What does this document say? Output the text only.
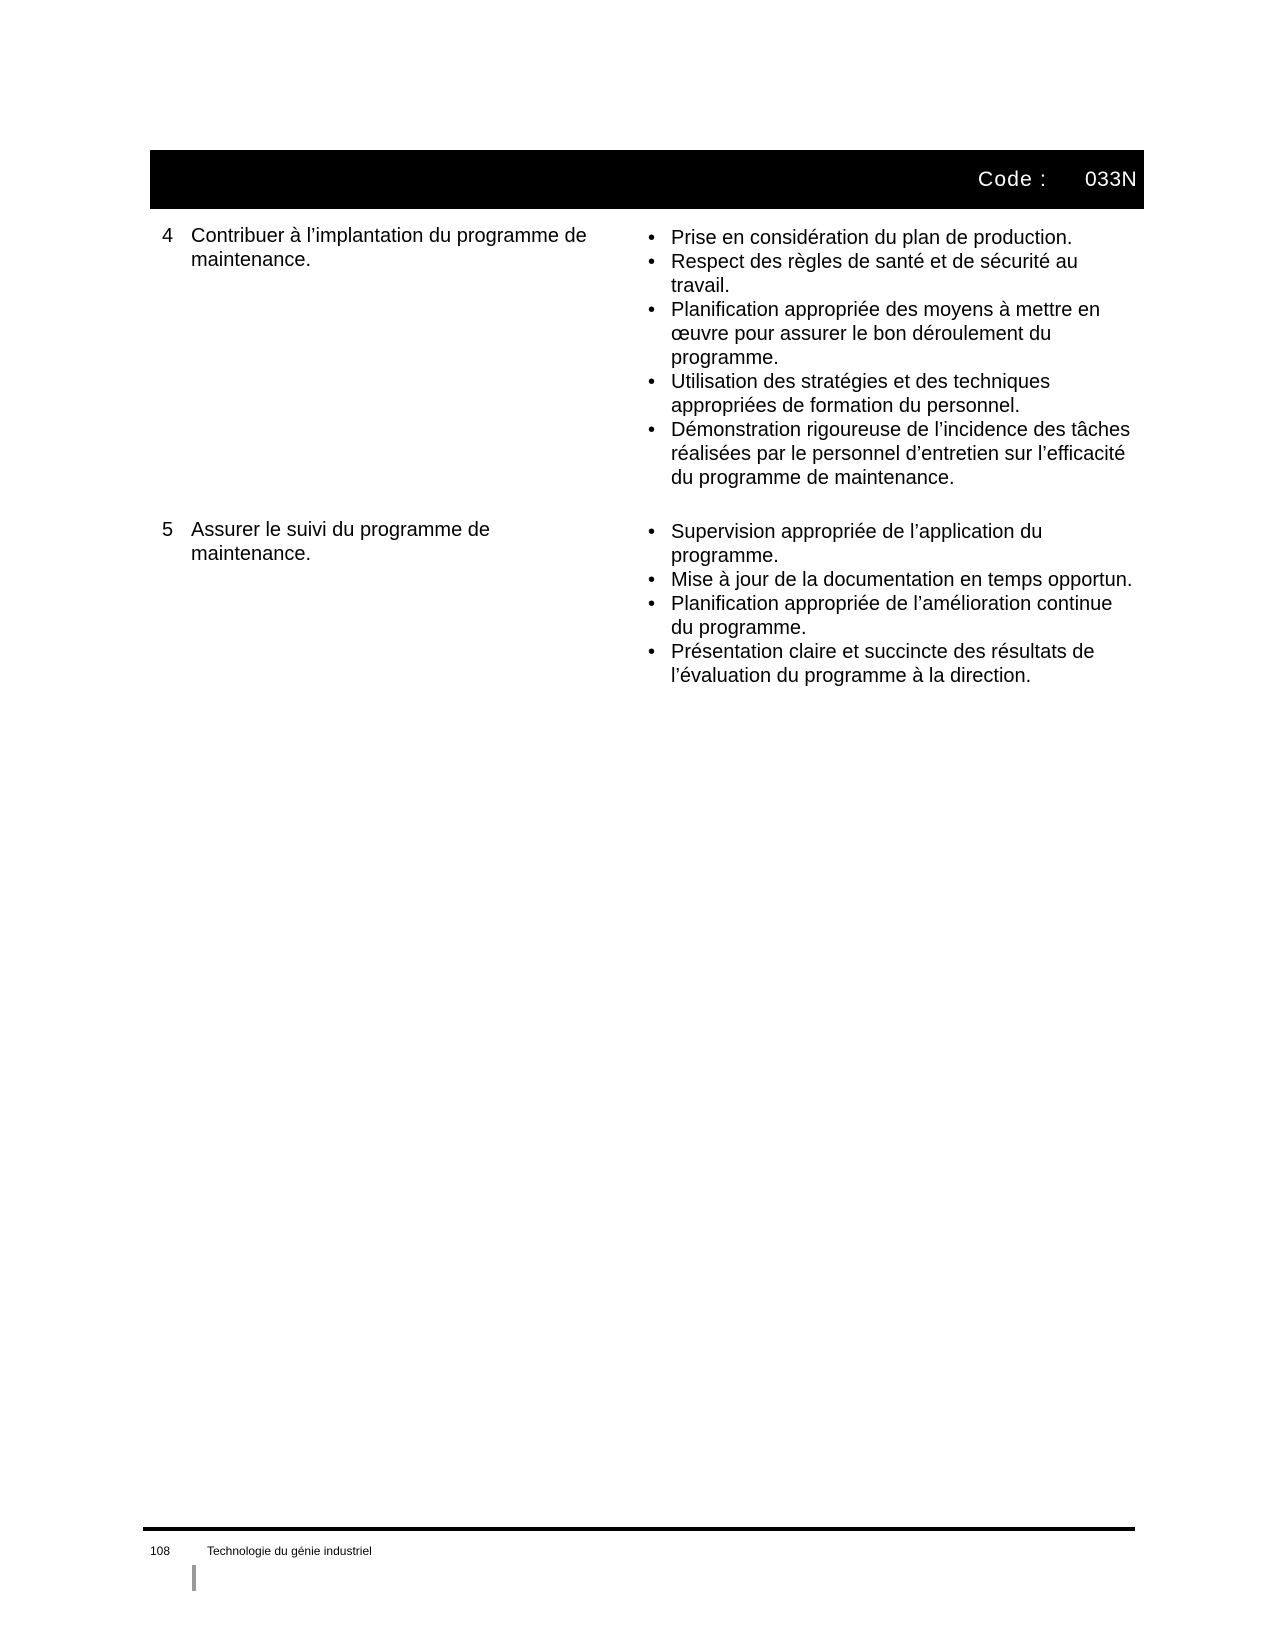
Code : 033N
4 Contribuer à l’implantation du programme de maintenance.
• Prise en considération du plan de production.
• Respect des règles de santé et de sécurité au travail.
• Planification appropriée des moyens à mettre en œuvre pour assurer le bon déroulement du programme.
• Utilisation des stratégies et des techniques appropriées de formation du personnel.
• Démonstration rigoureuse de l’incidence des tâches réalisées par le personnel d’entretien sur l’efficacité du programme de maintenance.
5 Assurer le suivi du programme de maintenance.
• Supervision appropriée de l’application du programme.
• Mise à jour de la documentation en temps opportun.
• Planification appropriée de l’amélioration continue du programme.
• Présentation claire et succincte des résultats de l’évaluation du programme à la direction.
108	Technologie du génie industriel
